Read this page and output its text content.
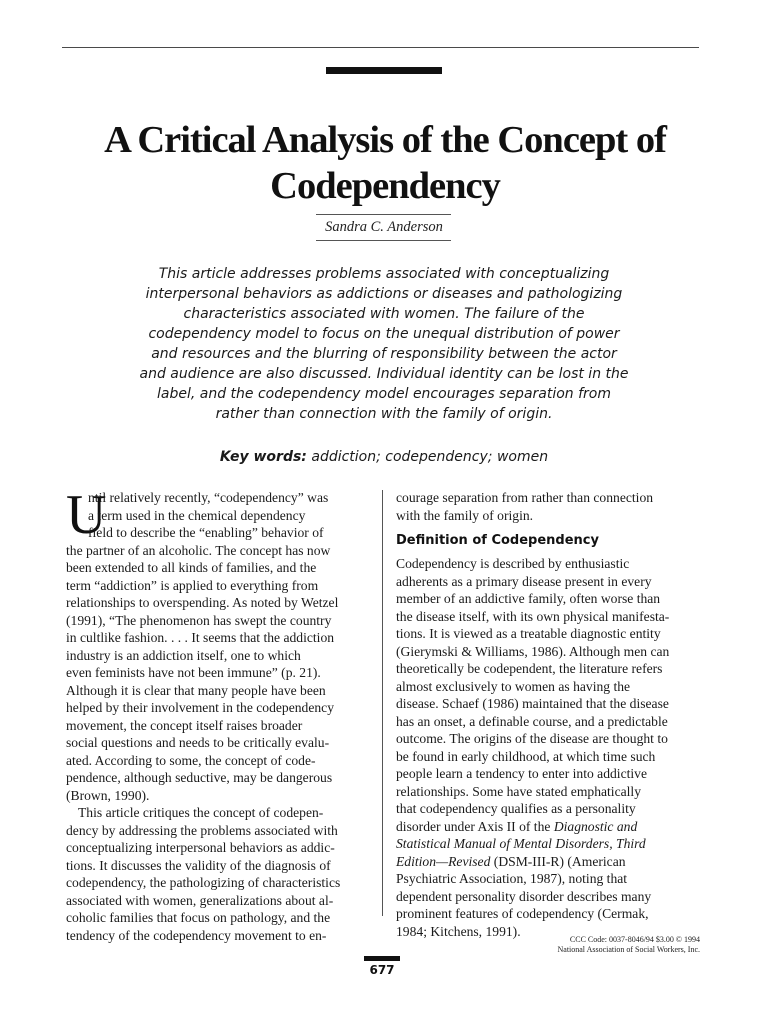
A Critical Analysis of the Concept of
Codependency
Sandra C. Anderson
This article addresses problems associated with conceptualizing
interpersonal behaviors as addictions or diseases and pathologizing
characteristics associated with women. The failure of the
codependency model to focus on the unequal distribution of power
and resources and the blurring of responsibility between the actor
and audience are also discussed. Individual identity can be lost in the
label, and the codependency model encourages separation from
rather than connection with the family of origin.
Key words: addiction; codependency; women
U
ntil relatively recently, “codependency” was
a term used in the chemical dependency
field to describe the “enabling” behavior of
the partner of an alcoholic. The concept has now
been extended to all kinds of families, and the
term “addiction” is applied to everything from
relationships to overspending. As noted by Wetzel
(1991), “The phenomenon has swept the country
in cultlike fashion. . . . It seems that the addiction
industry is an addiction itself, one to which
even feminists have not been immune” (p. 21).
Although it is clear that many people have been
helped by their involvement in the codependency
movement, the concept itself raises broader
social questions and needs to be critically evalu-
ated. According to some, the concept of code-
pendence, although seductive, may be dangerous
(Brown, 1990).
This article critiques the concept of codepen-
dency by addressing the problems associated with
conceptualizing interpersonal behaviors as addic-
tions. It discusses the validity of the diagnosis of
codependency, the pathologizing of characteristics
associated with women, generalizations about al-
coholic families that focus on pathology, and the
tendency of the codependency movement to en-
courage separation from rather than connection
with the family of origin.
Definition of Codependency
Codependency is described by enthusiastic
adherents as a primary disease present in every
member of an addictive family, often worse than
the disease itself, with its own physical manifesta-
tions. It is viewed as a treatable diagnostic entity
(Gierymski & Williams, 1986). Although men can
theoretically be codependent, the literature refers
almost exclusively to women as having the
disease. Schaef (1986) maintained that the disease
has an onset, a definable course, and a predictable
outcome. The origins of the disease are thought to
be found in early childhood, at which time such
people learn a tendency to enter into addictive
relationships. Some have stated emphatically
that codependency qualifies as a personality
disorder under Axis II of the Diagnostic and
Statistical Manual of Mental Disorders, Third
Edition—Revised (DSM-III-R) (American
Psychiatric Association, 1987), noting that
dependent personality disorder describes many
prominent features of codependency (Cermak,
1984; Kitchens, 1991).
CCC Code: 0037-8046/94 $3.00 © 1994
National Association of Social Workers, Inc.
677
